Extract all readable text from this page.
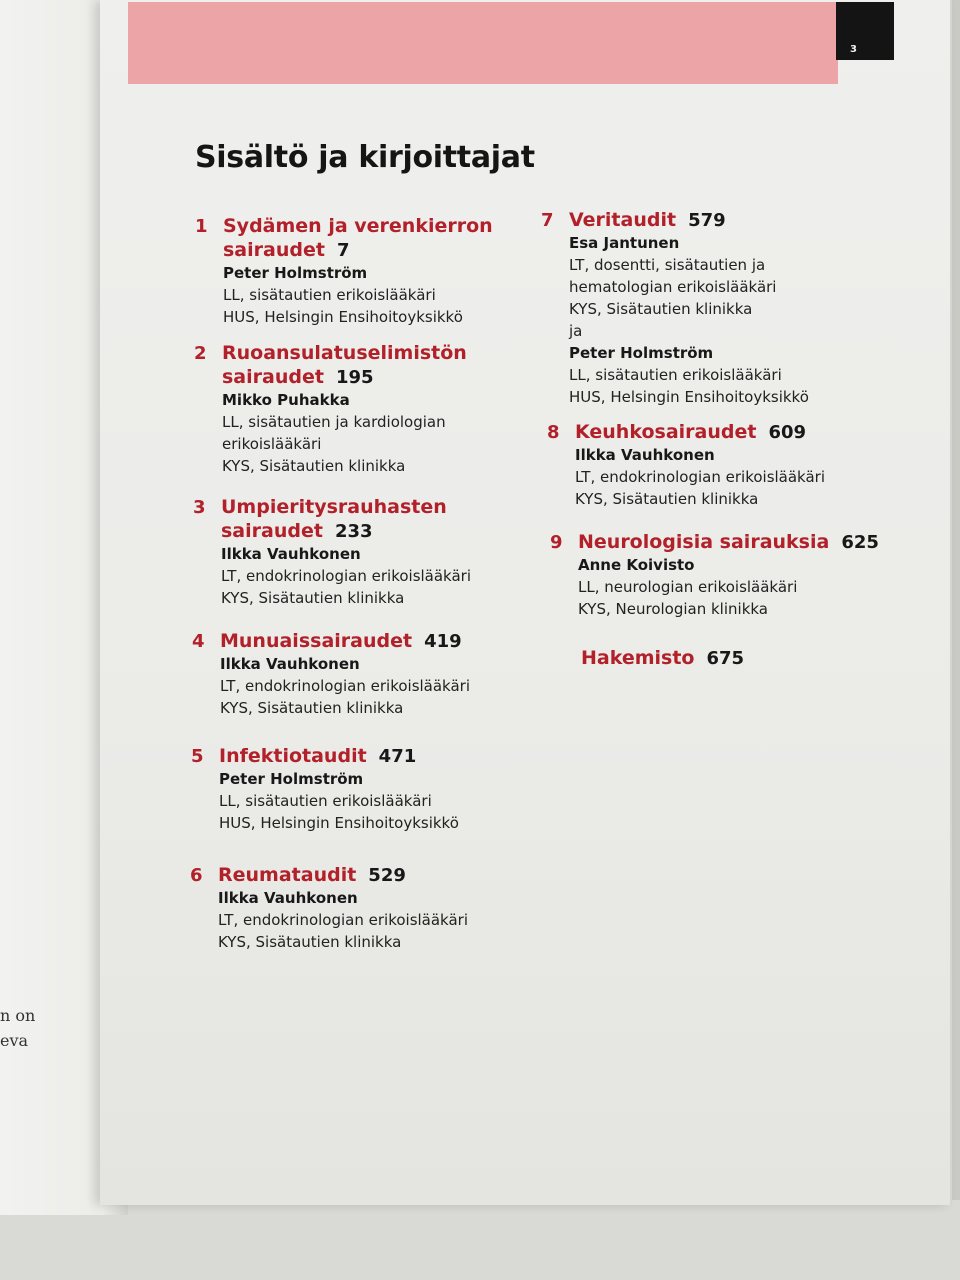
n on
eva
3
Sisältö ja kirjoittajat
1 Sydämen ja verenkierron
sairaudet 7
Peter Holmström
LL, sisätautien erikoislääkäri
HUS, Helsingin Ensihoitoyksikkö
2 Ruoansulatuselimistön
sairaudet 195
Mikko Puhakka
LL, sisätautien ja kardiologian
erikoislääkäri
KYS, Sisätautien klinikka
3 Umpieritysrauhasten
sairaudet 233
Ilkka Vauhkonen
LT, endokrinologian erikoislääkäri
KYS, Sisätautien klinikka
4 Munuaissairaudet 419
Ilkka Vauhkonen
LT, endokrinologian erikoislääkäri
KYS, Sisätautien klinikka
5 Infektiotaudit 471
Peter Holmström
LL, sisätautien erikoislääkäri
HUS, Helsingin Ensihoitoyksikkö
6 Reumataudit 529
Ilkka Vauhkonen
LT, endokrinologian erikoislääkäri
KYS, Sisätautien klinikka
7 Veritaudit 579
Esa Jantunen
LT, dosentti, sisätautien ja
hematologian erikoislääkäri
KYS, Sisätautien klinikka
ja
Peter Holmström
LL, sisätautien erikoislääkäri
HUS, Helsingin Ensihoitoyksikkö
8 Keuhkosairaudet 609
Ilkka Vauhkonen
LT, endokrinologian erikoislääkäri
KYS, Sisätautien klinikka
9 Neurologisia sairauksia 625
Anne Koivisto
LL, neurologian erikoislääkäri
KYS, Neurologian klinikka
Hakemisto 675
